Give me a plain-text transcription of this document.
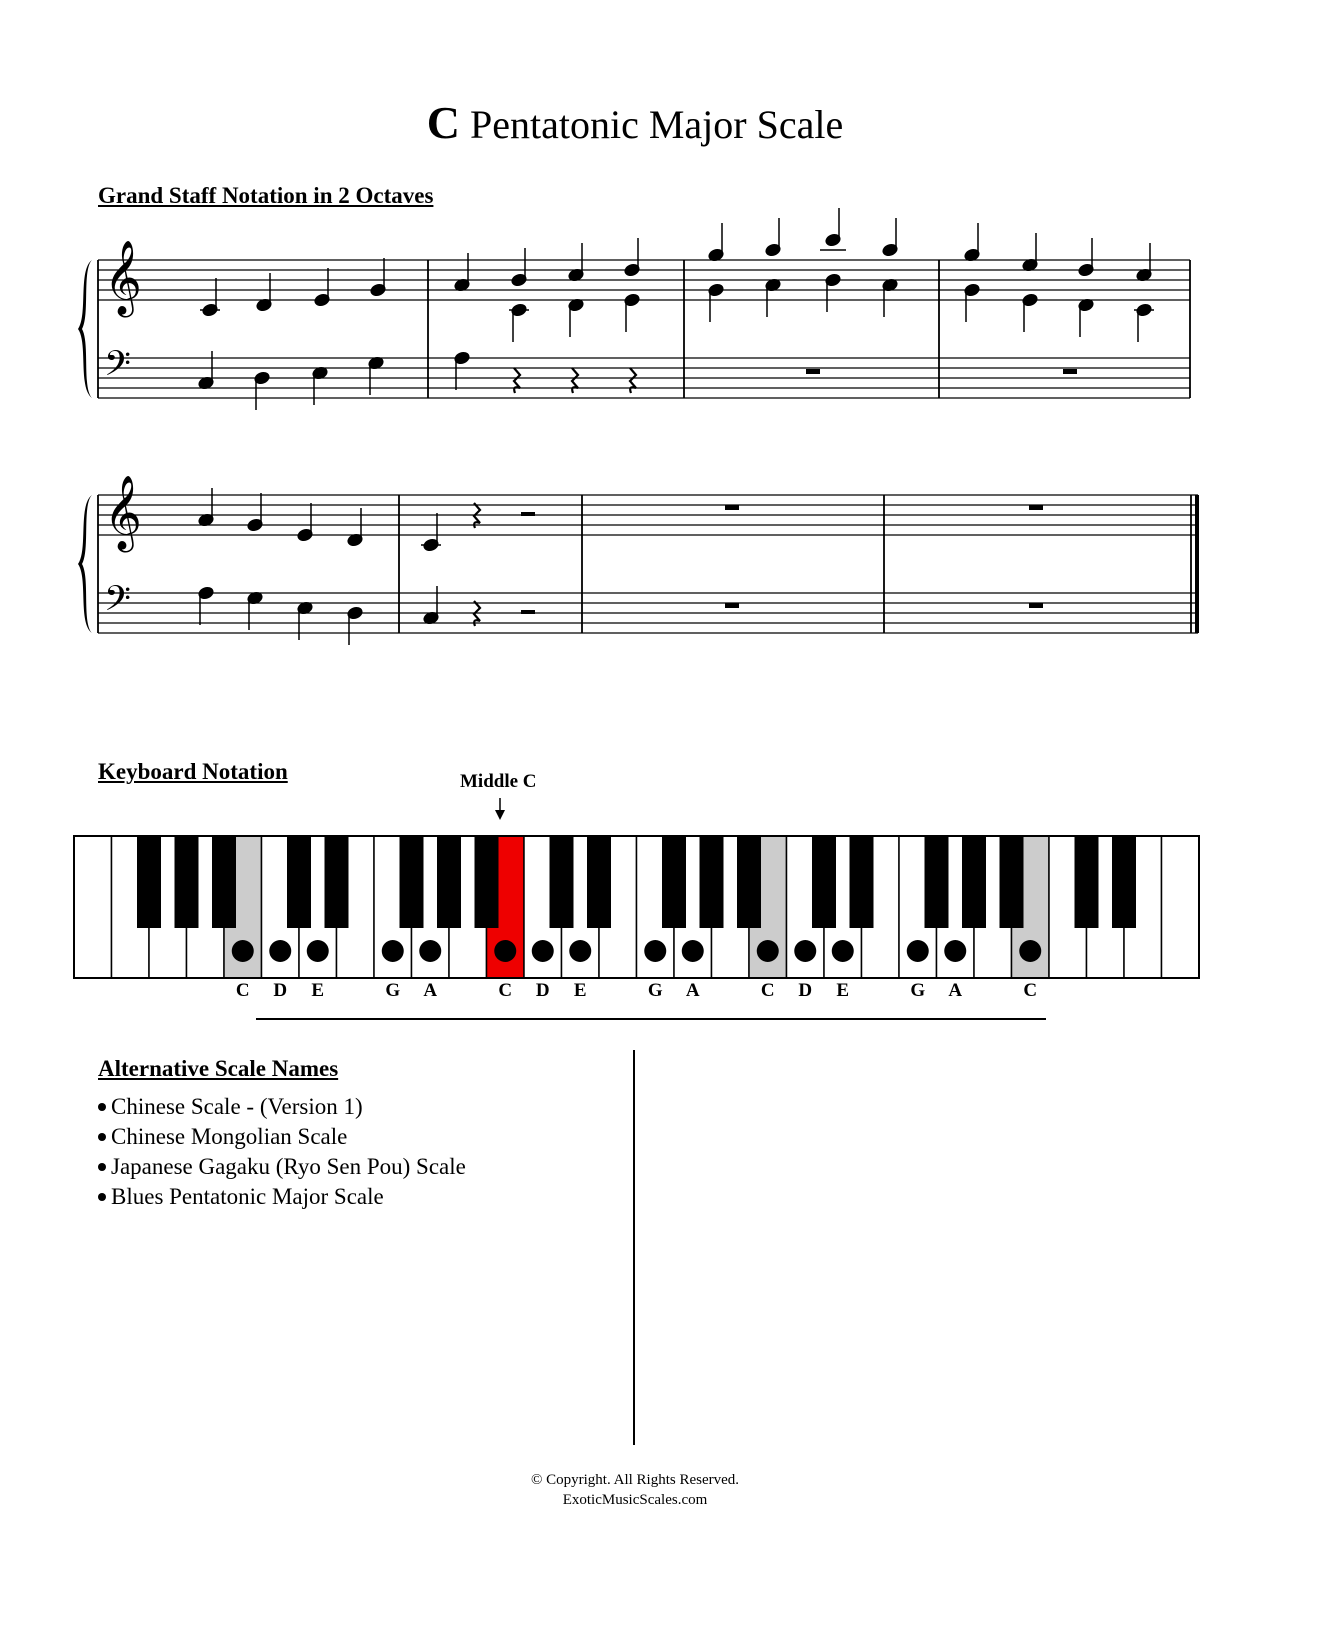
C Pentatonic Major Scale
Grand Staff Notation in 2 Octaves
𝄞
𝄢
𝄞
𝄢
Keyboard Notation	Middle C
C D E	G A	C D E	G A	C D E	G A	C
Alternative Scale Names
Chinese Scale - (Version 1)
Chinese Mongolian Scale
Japanese Gagaku (Ryo Sen Pou) Scale
Blues Pentatonic Major Scale
© Copyright. All Rights Reserved.
ExoticMusicScales.com
